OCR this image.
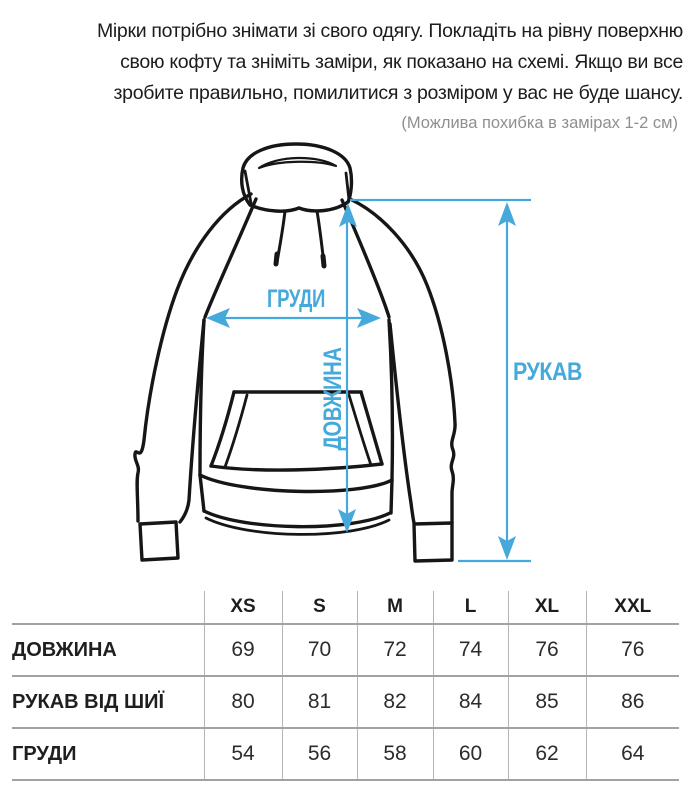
Мірки потрібно знімати зі свого одягу. Покладіть на рівну поверхню
свою кофту та зніміть заміри, як показано на схемі. Якщо ви все
зробите правильно, помилитися з розміром у вас не буде шансу.
(Можлива похибка в замірах 1-2 см)
ГРУДИ
ДОВЖИНА	РУКАВ
	XS	S	M	L	XL	XXL
ДОВЖИНА	69	70	72	74	76	76
РУКАВ ВІД ШИЇ	80	81	82	84	85	86
ГРУДИ	54	56	58	60	62	64
